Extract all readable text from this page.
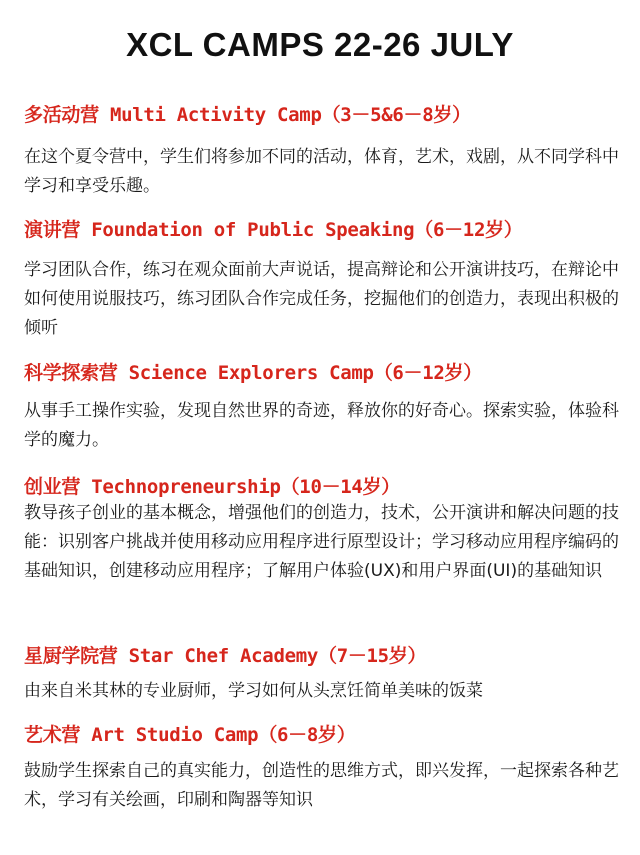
XCL CAMPS 22-26 JULY
多活动营 Multi Activity Camp（3－5&6－8岁）
在这个夏令营中，学生们将参加不同的活动，体育，艺术，戏剧，从不同学科中学习和享受乐趣。
演讲营 Foundation of Public Speaking（6－12岁）
学习团队合作，练习在观众面前大声说话，提高辩论和公开演讲技巧，在辩论中如何使用说服技巧，练习团队合作完成任务，挖掘他们的创造力，表现出积极的倾听
科学探索营 Science Explorers Camp（6－12岁）
从事手工操作实验，发现自然世界的奇迹，释放你的好奇心。探索实验，体验科学的魔力。
创业营 Technopreneurship（10－14岁）
教导孩子创业的基本概念，增强他们的创造力，技术，公开演讲和解决问题的技能：识别客户挑战并使用移动应用程序进行原型设计；学习移动应用程序编码的基础知识，创建移动应用程序；了解用户体验(UX)和用户界面(UI)的基础知识
星厨学院营 Star Chef Academy（7－15岁）
由来自米其林的专业厨师，学习如何从头烹饪简单美味的饭菜
艺术营 Art Studio Camp（6－8岁）
鼓励学生探索自己的真实能力，创造性的思维方式，即兴发挥，一起探索各种艺术，学习有关绘画，印刷和陶器等知识
